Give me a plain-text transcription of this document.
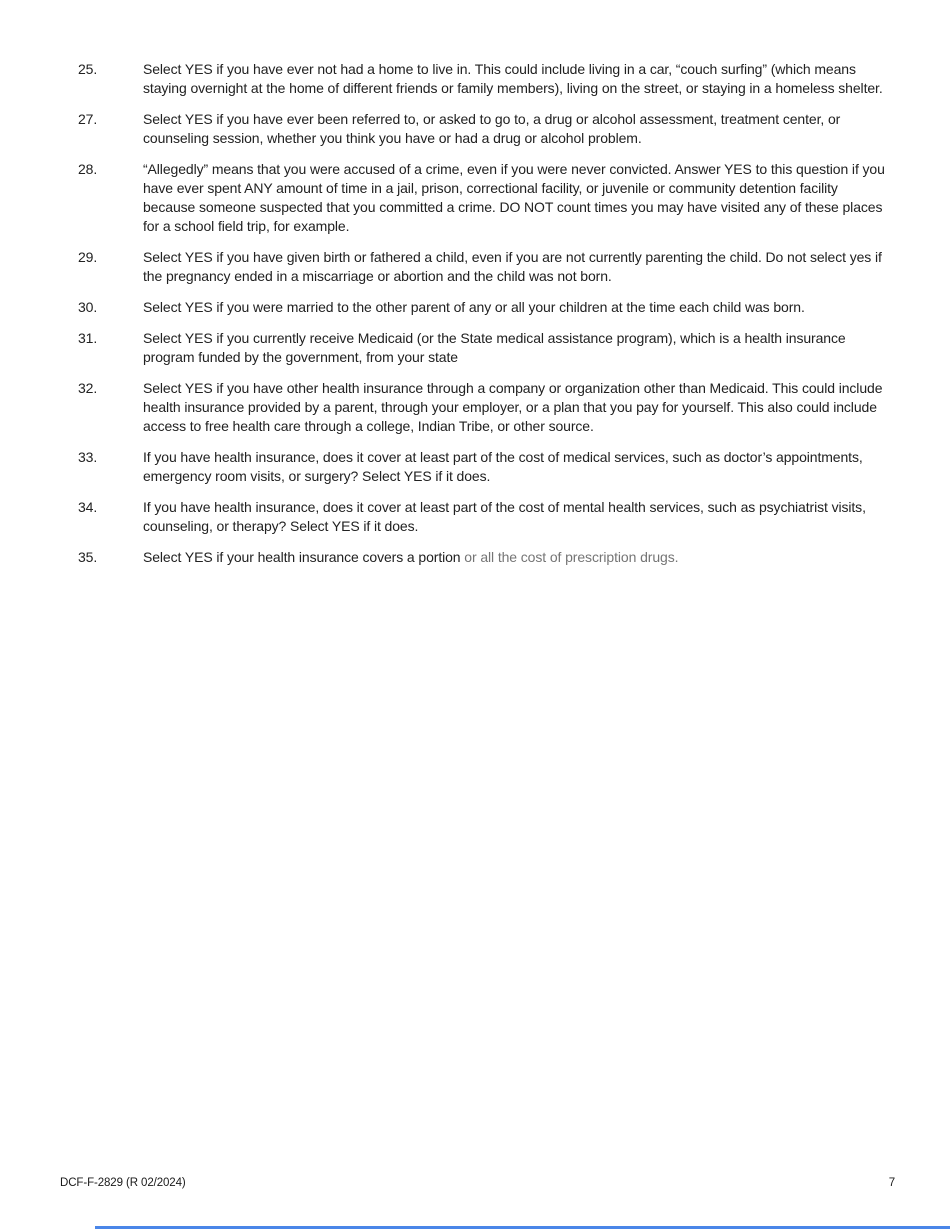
25.	Select YES if you have ever not had a home to live in. This could include living in a car, “couch surfing” (which means staying overnight at the home of different friends or family members), living on the street, or staying in a homeless shelter.
27.	Select YES if you have ever been referred to, or asked to go to, a drug or alcohol assessment, treatment center, or counseling session, whether you think you have or had a drug or alcohol problem.
28.	“Allegedly” means that you were accused of a crime, even if you were never convicted. Answer YES to this question if you have ever spent ANY amount of time in a jail, prison, correctional facility, or juvenile or community detention facility because someone suspected that you committed a crime. DO NOT count times you may have visited any of these places for a school field trip, for example.
29.	Select YES if you have given birth or fathered a child, even if you are not currently parenting the child. Do not select yes if the pregnancy ended in a miscarriage or abortion and the child was not born.
30.	Select YES if you were married to the other parent of any or all your children at the time each child was born.
31.	Select YES if you currently receive Medicaid (or the State medical assistance program), which is a health insurance program funded by the government, from your state
32.	Select YES if you have other health insurance through a company or organization other than Medicaid. This could include health insurance provided by a parent, through your employer, or a plan that you pay for yourself. This also could include access to free health care through a college, Indian Tribe, or other source.
33.	If you have health insurance, does it cover at least part of the cost of medical services, such as doctor’s appointments, emergency room visits, or surgery? Select YES if it does.
34.	If you have health insurance, does it cover at least part of the cost of mental health services, such as psychiatrist visits, counseling, or therapy? Select YES if it does.
35.	Select YES if your health insurance covers a portion or all the cost of prescription drugs.
DCF-F-2829 (R 02/2024)	7
